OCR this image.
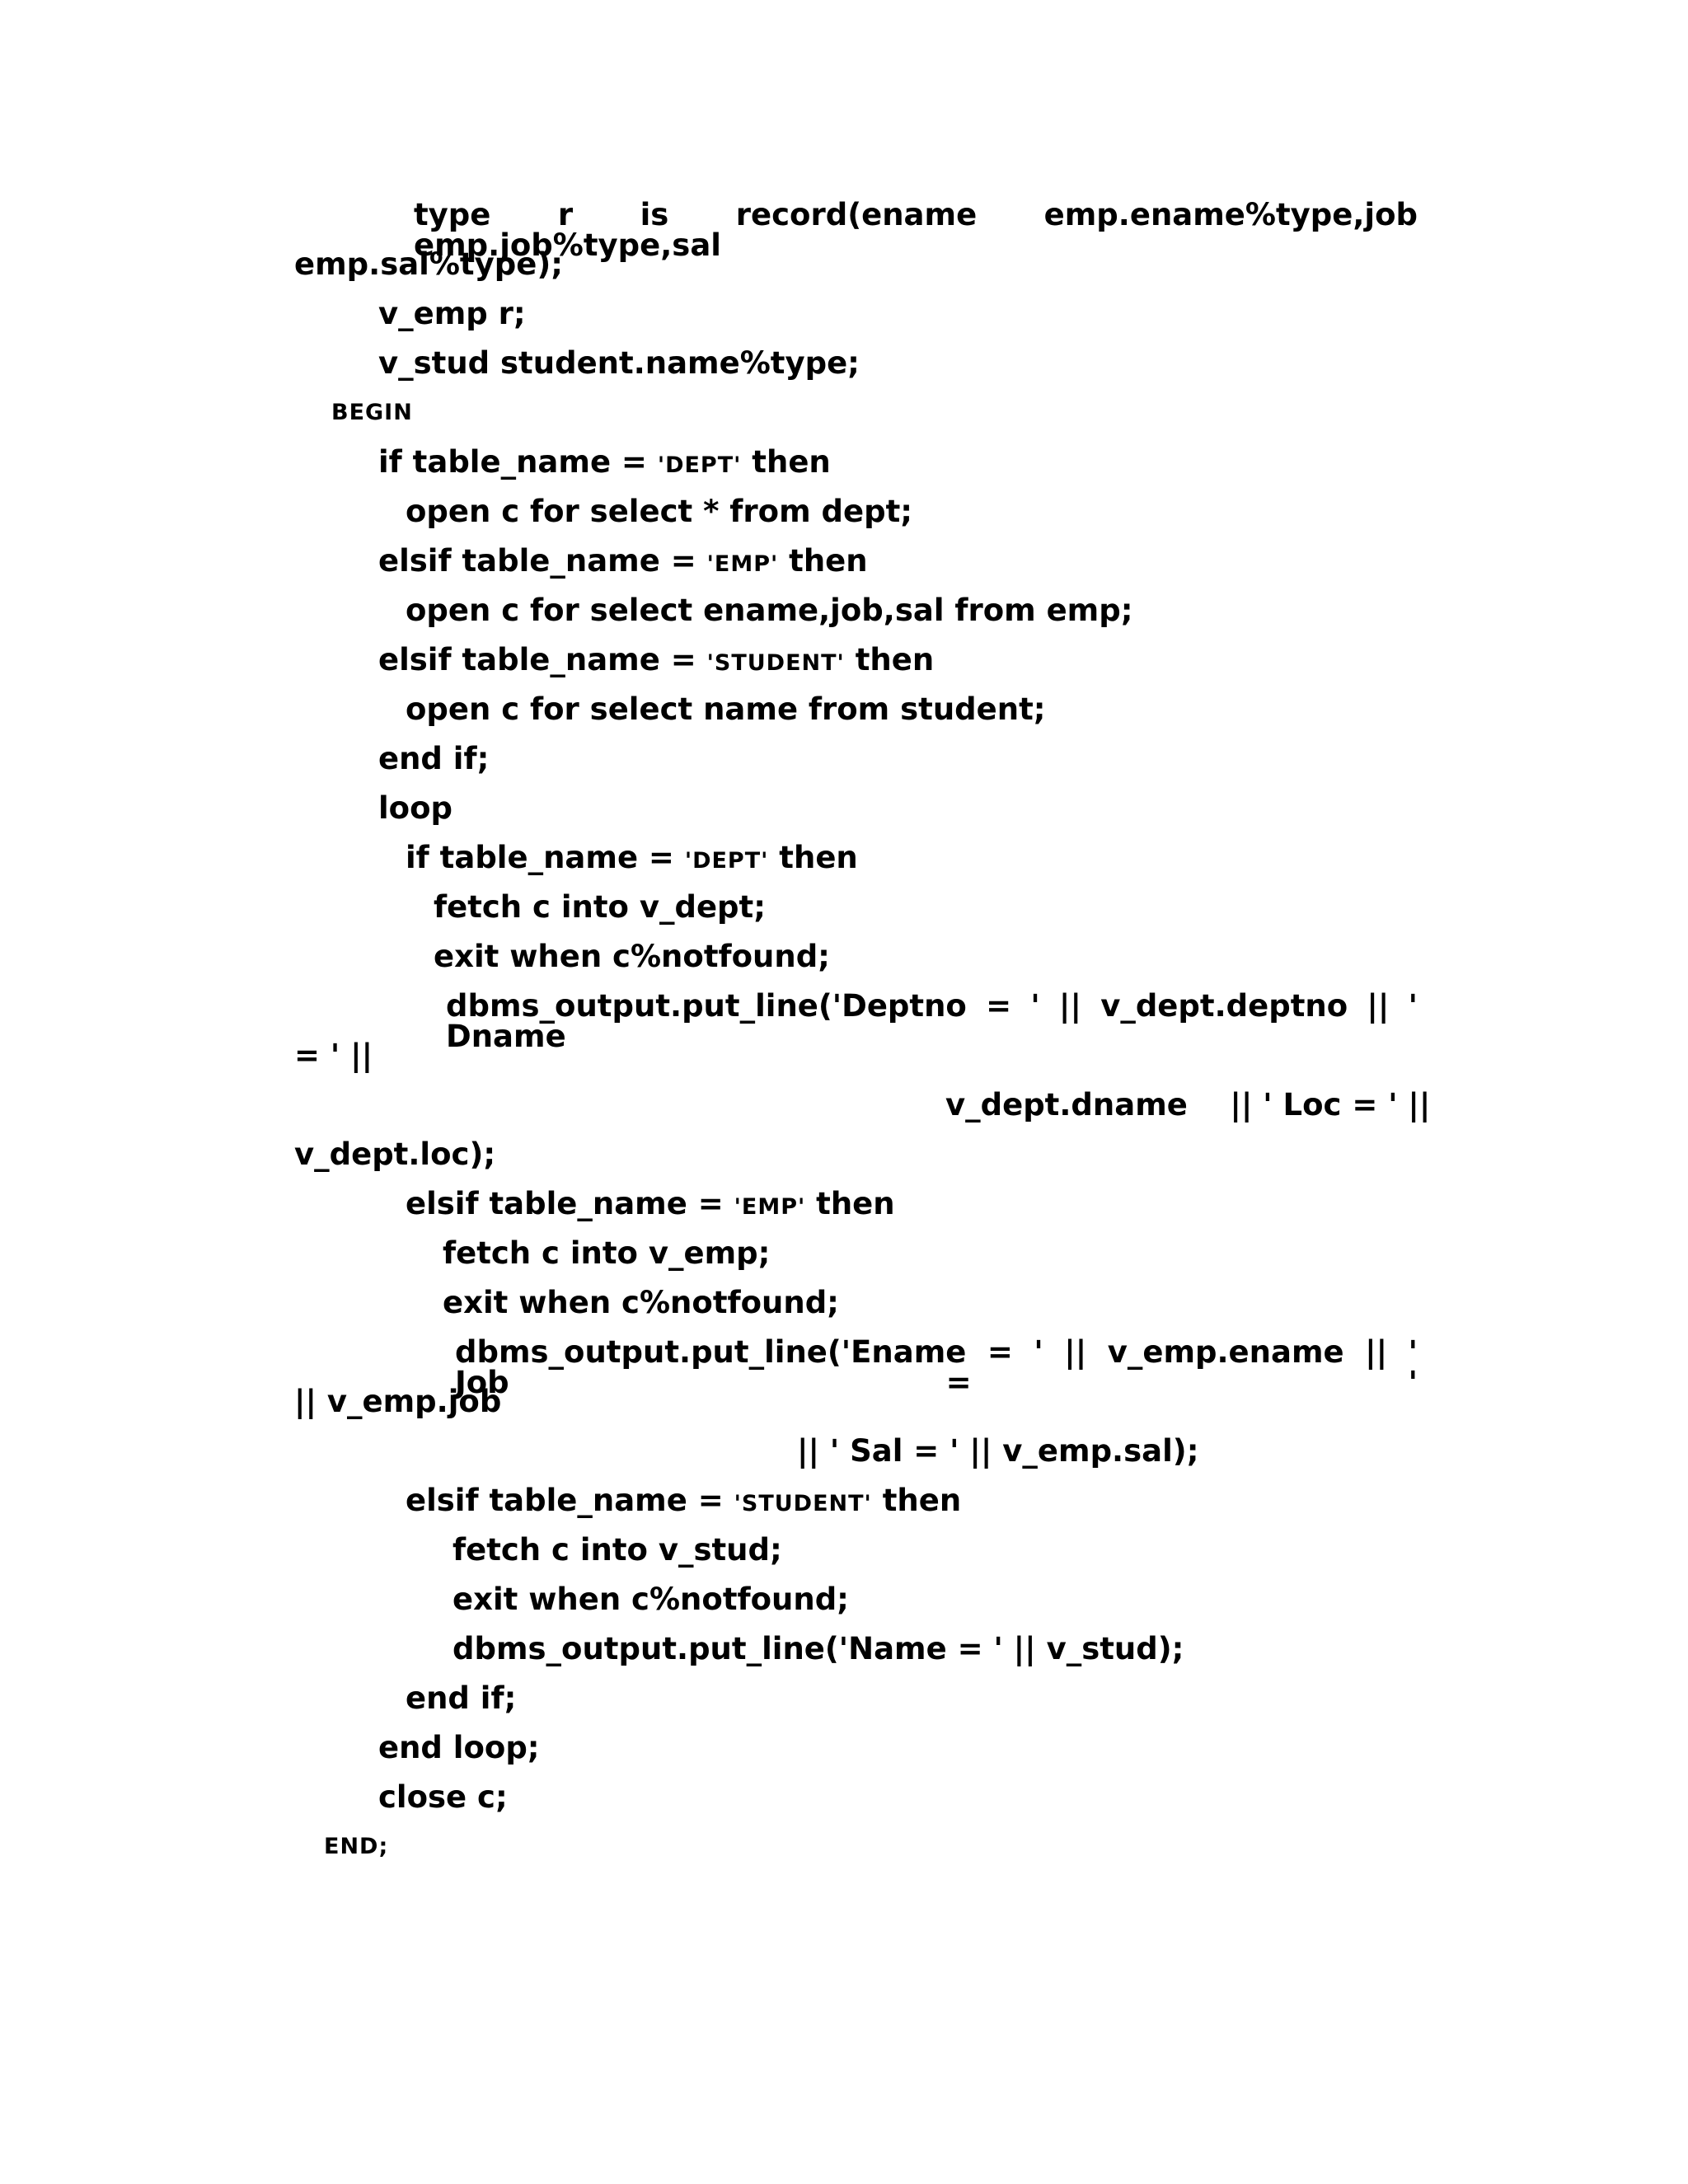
type r is record(ename emp.ename%type,job emp.job%type,sal
emp.sal%type);
v_emp r;
v_stud student.name%type;
BEGIN
if table_name = 'DEPT' then
open c for select * from dept;
elsif table_name = 'EMP' then
open c for select ename,job,sal from emp;
elsif table_name = 'STUDENT' then
open c for select name from student;
end if;
loop
if table_name = 'DEPT' then
fetch c into v_dept;
exit when c%notfound;
dbms_output.put_line('Deptno = ' || v_dept.deptno || ' Dname
= ' ||
v_dept.dname    || ' Loc = ' ||
v_dept.loc);
elsif table_name = 'EMP' then
fetch c into v_emp;
exit when c%notfound;
dbms_output.put_line('Ename = ' || v_emp.ename || ' Job = '
|| v_emp.job
|| ' Sal = ' || v_emp.sal);
elsif table_name = 'STUDENT' then
fetch c into v_stud;
exit when c%notfound;
dbms_output.put_line('Name = ' || v_stud);
end if;
end loop;
close c;
END;
